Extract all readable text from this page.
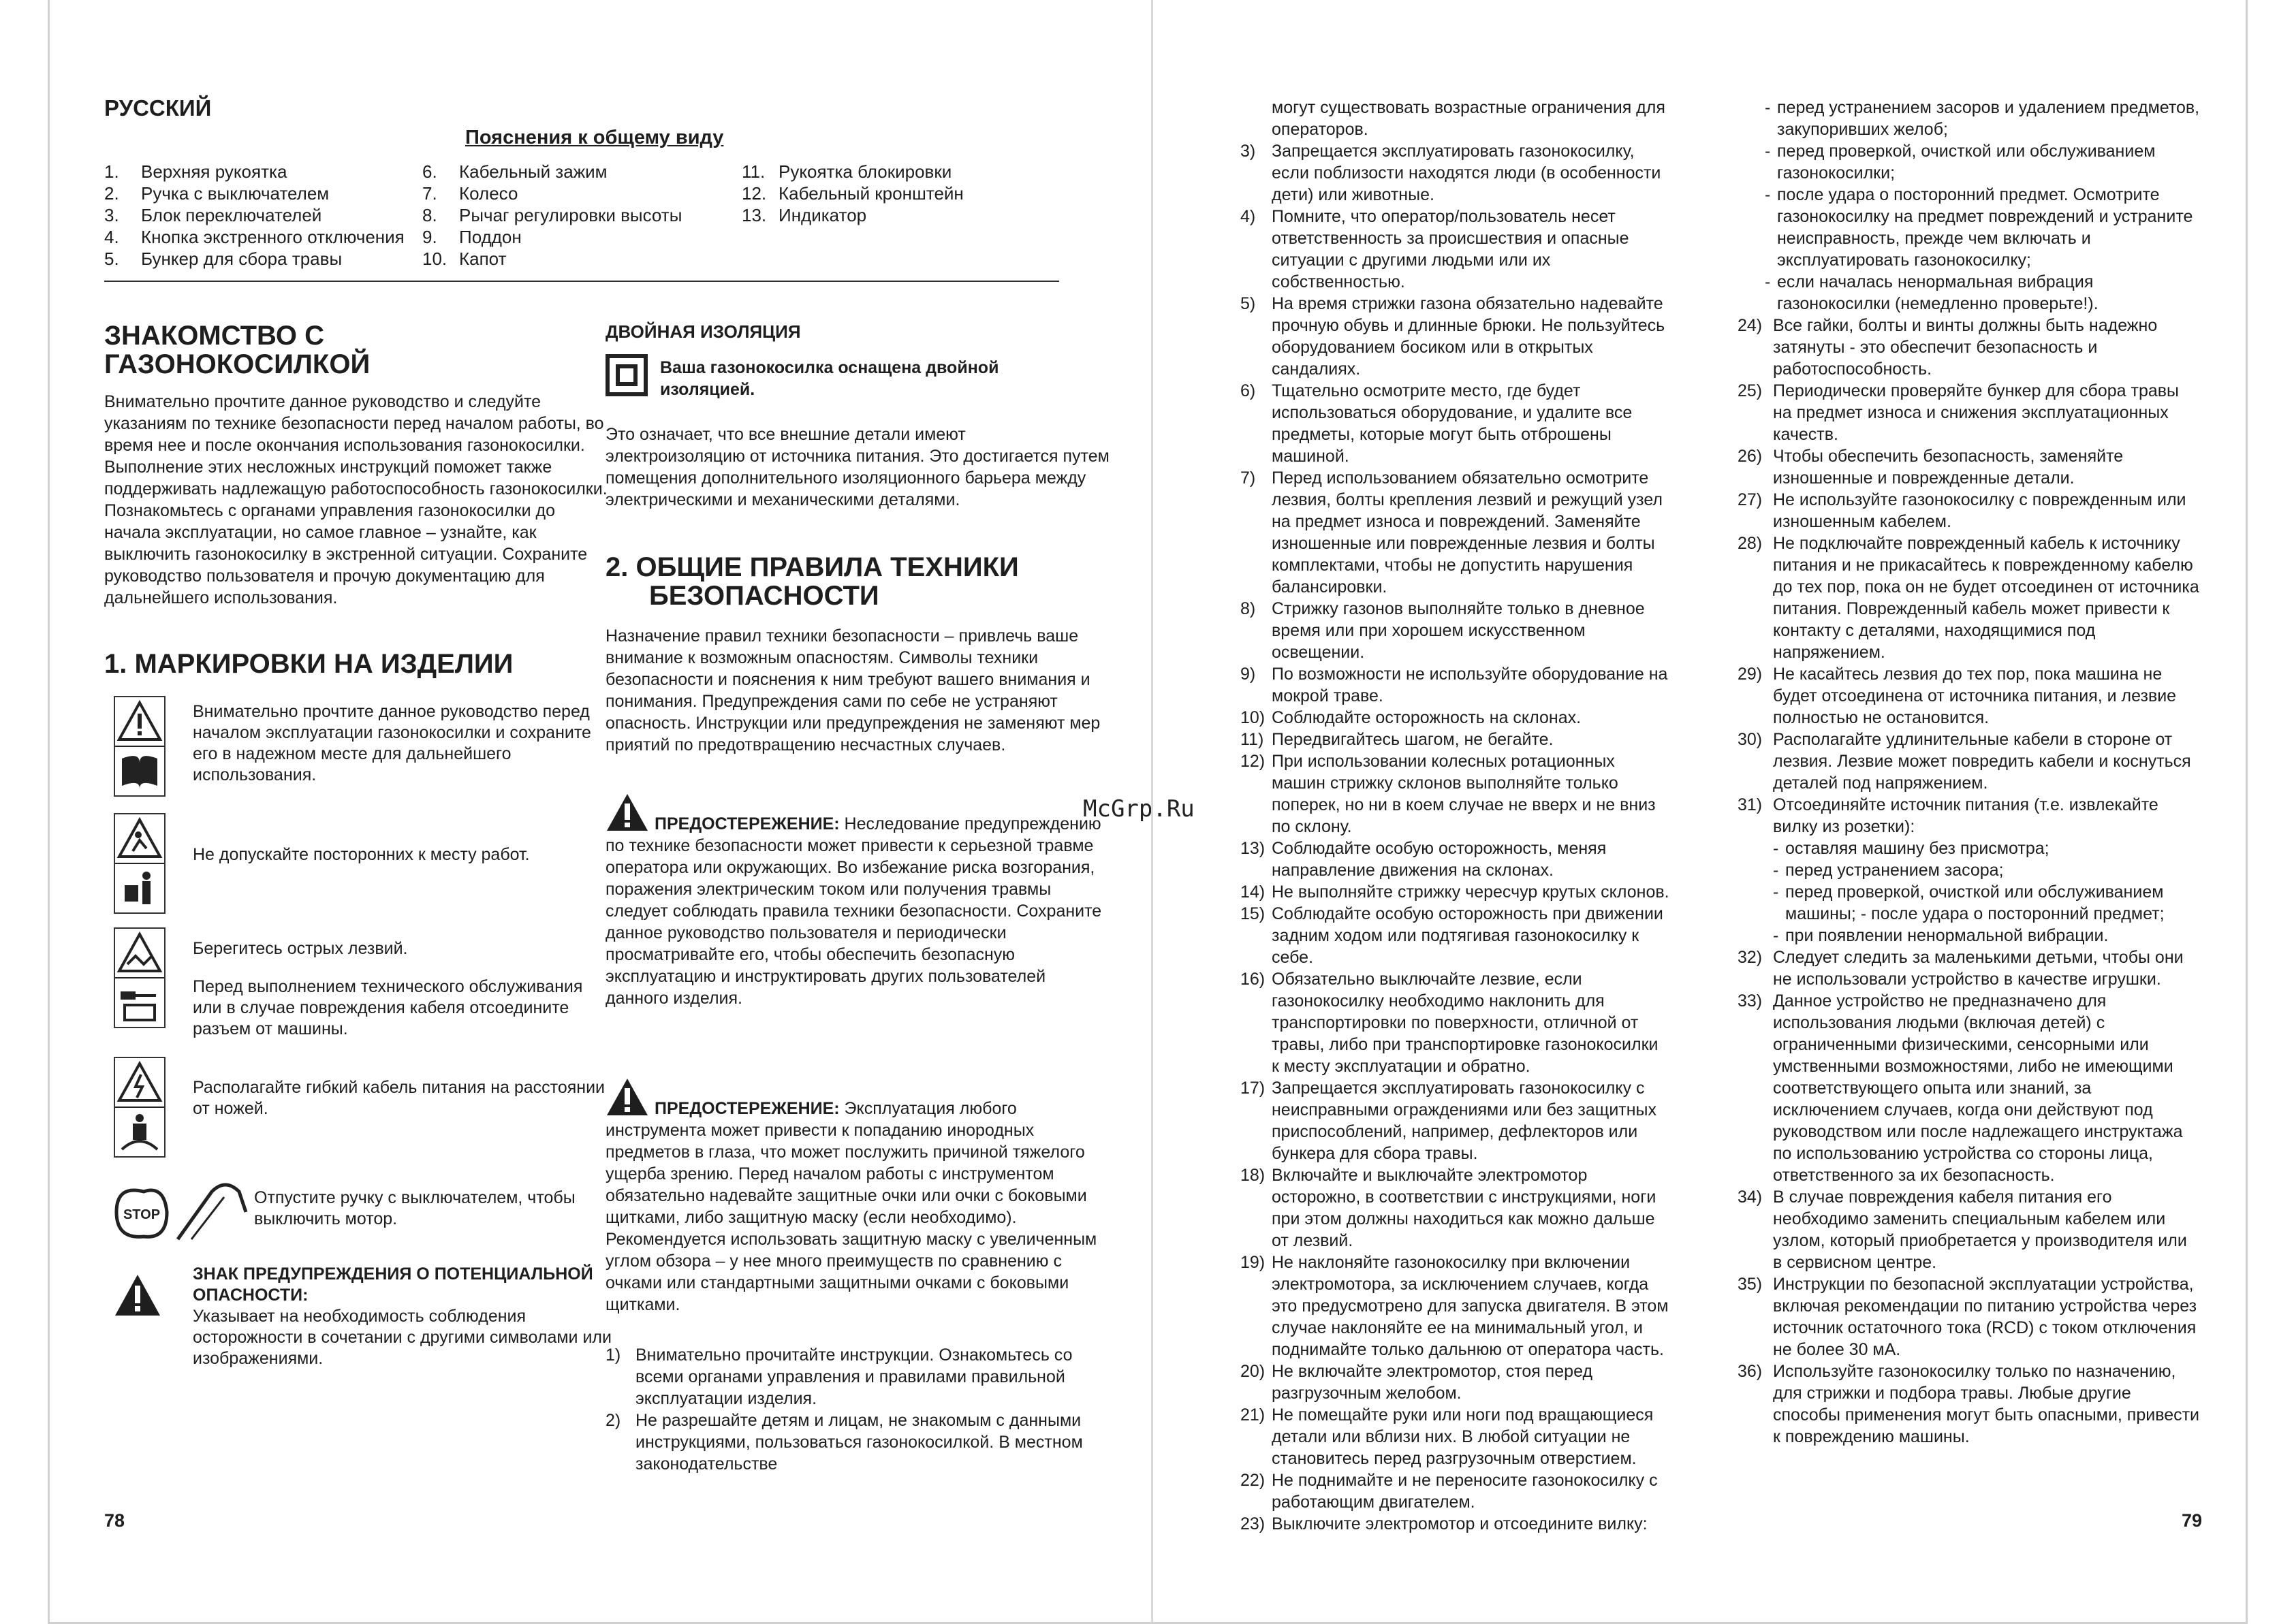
РУССКИЙ
Пояснения к общему виду
1. Верхняя рукоятка
2. Ручка с выключателем
3. Блок переключателей
4. Кнопка экстренного отключения
5. Бункер для сбора травы
6. Кабельный зажим
7. Колесо
8. Рычаг регулировки высоты
9. Поддон
10. Капот
11. Рукоятка блокировки
12. Кабельный кронштейн
13. Индикатор
ЗНАКОМСТВО С
ГАЗОНОКОСИЛКОЙ
Внимательно прочтите данное руководство и следуйте указаниям по технике безопасности перед началом работы, во время нее и после окончания использования газонокосилки. Выполнение этих несложных инструкций поможет также поддерживать надлежащую работоспособность газонокосилки. Познакомьтесь с органами управления газонокосилки до начала эксплуатации, но самое главное – узнайте, как выключить газонокосилку в экстренной ситуации. Сохраните руководство пользователя и прочую документацию для дальнейшего использования.
1. МАРКИРОВКИ НА ИЗДЕЛИИ
Внимательно прочтите данное руководство перед началом эксплуатации газонокосилки и сохраните его в надежном месте для дальнейшего использования.
Не допускайте посторонних к месту работ.
Берегитесь острых лезвий.
Перед выполнением технического обслуживания или в случае повреждения кабеля отсоедините разъем от машины.
Располагайте гибкий кабель питания на расстоянии от ножей.
STOP
Отпустите ручку с выключателем, чтобы выключить мотор.
ЗНАК ПРЕДУПРЕЖДЕНИЯ О ПОТЕНЦИАЛЬНОЙ ОПАСНОСТИ:
Указывает на необходимость соблюдения осторожности в сочетании с другими символами или изображениями.
ДВОЙНАЯ ИЗОЛЯЦИЯ
Ваша газонокосилка оснащена двойной изоляцией.
Это означает, что все внешние детали имеют электроизоляцию от источника питания. Это достигается путем помещения дополнительного изоляционного барьера между электрическими и механическими деталями.
2. ОБЩИЕ ПРАВИЛА ТЕХНИКИ
БЕЗОПАСНОСТИ
Назначение правил техники безопасности – привлечь ваше внимание к возможным опасностям. Символы техники безопасности и пояснения к ним требуют вашего внимания и понимания. Предупреждения сами по себе не устраняют опасность. Инструкции или предупреждения не заменяют мер приятий по предотвращению несчастных случаев.
ПРЕДОСТЕРЕЖЕНИЕ: Неследование предупреждению по технике безопасности может привести к серьезной травме оператора или окружающих. Во избежание риска возгорания, поражения электрическим током или получения травмы следует соблюдать правила техники безопасности. Сохраните данное руководство пользователя и периодически просматривайте его, чтобы обеспечить безопасную эксплуатацию и инструктировать других пользователей данного изделия.
ПРЕДОСТЕРЕЖЕНИЕ: Эксплуатация любого инструмента может привести к попаданию инородных предметов в глаза, что может послужить причиной тяжелого ущерба зрению. Перед началом работы с инструментом обязательно надевайте защитные очки или очки с боковыми щитками, либо защитную маску (если необходимо). Рекомендуется использовать защитную маску с увеличенным углом обзора – у нее много преимуществ по сравнению с очками или стандартными защитными очками с боковыми щитками.
1) Внимательно прочитайте инструкции. Ознакомьтесь со всеми органами управления и правилами правильной эксплуатации изделия.
2) Не разрешайте детям и лицам, не знакомым с данными инструкциями, пользоваться газонокосилкой. В местном законодательстве
78
McGrp.Ru
могут существовать возрастные ограничения для операторов.
3) Запрещается эксплуатировать газонокосилку, если поблизости находятся люди (в особенности дети) или животные.
4) Помните, что оператор/пользователь несет ответственность за происшествия и опасные ситуации с другими людьми или их собственностью.
5) На время стрижки газона обязательно надевайте прочную обувь и длинные брюки. Не пользуйтесь оборудованием босиком или в открытых сандалиях.
6) Тщательно осмотрите место, где будет использоваться оборудование, и удалите все предметы, которые могут быть отброшены машиной.
7) Перед использованием обязательно осмотрите лезвия, болты крепления лезвий и режущий узел на предмет износа и повреждений. Заменяйте изношенные или поврежденные лезвия и болты комплектами, чтобы не допустить нарушения балансировки.
8) Стрижку газонов выполняйте только в дневное время или при хорошем искусственном освещении.
9) По возможности не используйте оборудование на мокрой траве.
10) Соблюдайте осторожность на склонах.
11) Передвигайтесь шагом, не бегайте.
12) При использовании колесных ротационных машин стрижку склонов выполняйте только поперек, но ни в коем случае не вверх и не вниз по склону.
13) Соблюдайте особую осторожность, меняя направление движения на склонах.
14) Не выполняйте стрижку чересчур крутых склонов.
15) Соблюдайте особую осторожность при движении задним ходом или подтягивая газонокосилку к себе.
16) Обязательно выключайте лезвие, если газонокосилку необходимо наклонить для транспортировки по поверхности, отличной от травы, либо при транспортировке газонокосилки к месту эксплуатации и обратно.
17) Запрещается эксплуатировать газонокосилку с неисправными ограждениями или без защитных приспособлений, например, дефлекторов или бункера для сбора травы.
18) Включайте и выключайте электромотор осторожно, в соответствии с инструкциями, ноги при этом должны находиться как можно дальше от лезвий.
19) Не наклоняйте газонокосилку при включении электромотора, за исключением случаев, когда это предусмотрено для запуска двигателя. В этом случае наклоняйте ее на минимальный угол, и поднимайте только дальнюю от оператора часть.
20) Не включайте электромотор, стоя перед разгрузочным желобом.
21) Не помещайте руки или ноги под вращающиеся детали или вблизи них. В любой ситуации не становитесь перед разгрузочным отверстием.
22) Не поднимайте и не переносите газонокосилку с работающим двигателем.
23) Выключите электромотор и отсоедините вилку:
- перед устранением засоров и удалением предметов, закупоривших желоб;
- перед проверкой, очисткой или обслуживанием газонокосилки;
- после удара о посторонний предмет. Осмотрите газонокосилку на предмет повреждений и устраните неисправность, прежде чем включать и эксплуатировать газонокосилку;
- если началась ненормальная вибрация газонокосилки (немедленно проверьте!).
24) Все гайки, болты и винты должны быть надежно затянуты - это обеспечит безопасность и работоспособность.
25) Периодически проверяйте бункер для сбора травы на предмет износа и снижения эксплуатационных качеств.
26) Чтобы обеспечить безопасность, заменяйте изношенные и поврежденные детали.
27) Не используйте газонокосилку с поврежденным или изношенным кабелем.
28) Не подключайте поврежденный кабель к источнику питания и не прикасайтесь к поврежденному кабелю до тех пор, пока он не будет отсоединен от источника питания. Поврежденный кабель может привести к контакту с деталями, находящимися под напряжением.
29) Не касайтесь лезвия до тех пор, пока машина не будет отсоединена от источника питания, и лезвие полностью не остановится.
30) Располагайте удлинительные кабели в стороне от лезвия. Лезвие может повредить кабели и коснуться деталей под напряжением.
31) Отсоединяйте источник питания (т.е. извлекайте вилку из розетки):
- оставляя машину без присмотра;
- перед устранением засора;
- перед проверкой, очисткой или обслуживанием машины; - после удара о посторонний предмет;
- при появлении ненормальной вибрации.
32) Следует следить за маленькими детьми, чтобы они не использовали устройство в качестве игрушки.
33) Данное устройство не предназначено для использования людьми (включая детей) с ограниченными физическими, сенсорными или умственными возможностями, либо не имеющими соответствующего опыта или знаний, за исключением случаев, когда они действуют под руководством или после надлежащего инструктажа по использованию устройства со стороны лица, ответственного за их безопасность.
34) В случае повреждения кабеля питания его необходимо заменить специальным кабелем или узлом, который приобретается у производителя или в сервисном центре.
35) Инструкции по безопасной эксплуатации устройства, включая рекомендации по питанию устройства через источник остаточного тока (RCD) с током отключения не более 30 мА.
36) Используйте газонокосилку только по назначению, для стрижки и подбора травы. Любые другие способы применения могут быть опасными, привести к повреждению машины.
79
